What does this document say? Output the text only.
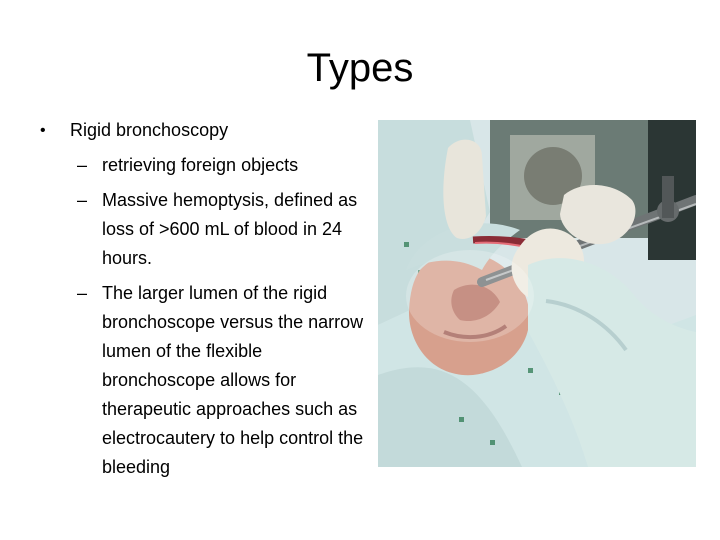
Types
•	Rigid bronchoscopy
– retrieving foreign objects
– Massive hemoptysis, defined as loss of >600 mL of blood in 24 hours.
– The larger lumen of the rigid bronchoscope versus the narrow lumen of the flexible bronchoscope allows for therapeutic approaches such as electrocautery to help control the bleeding
